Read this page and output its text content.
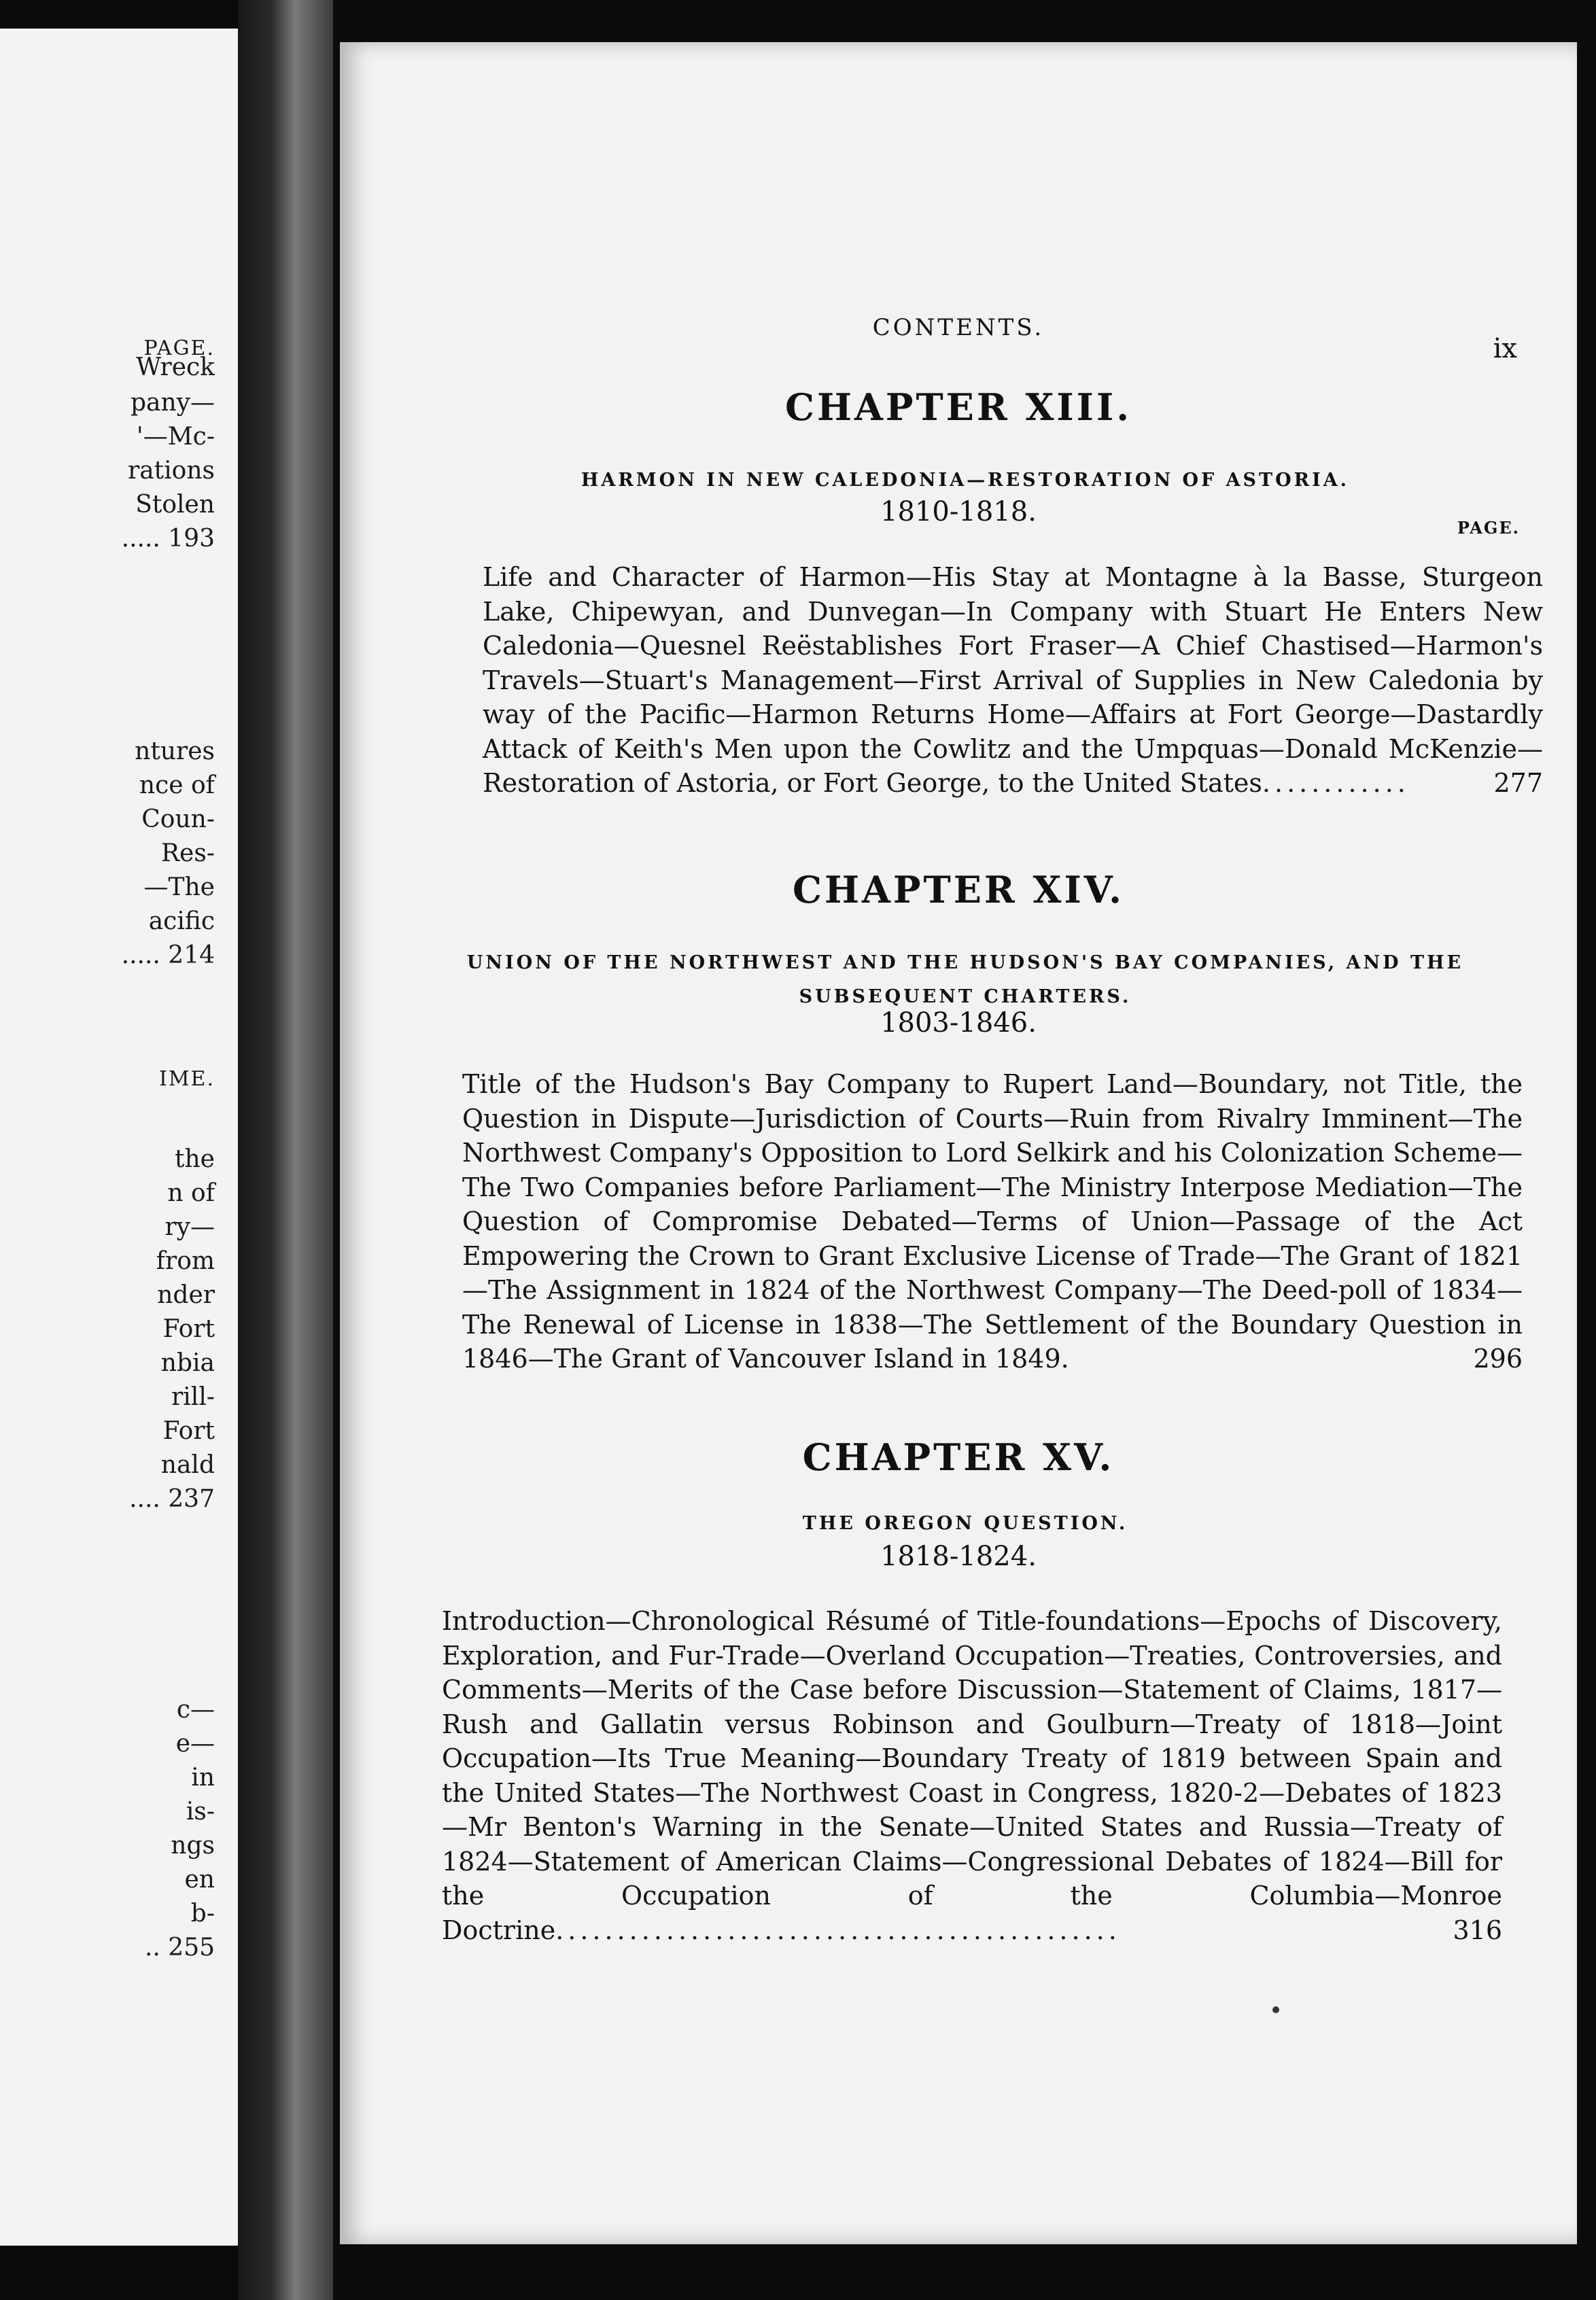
PAGE.
Wreck
pany—
'—Mc-
rations
Stolen
..... 193
ntures
nce of
Coun-
Res-
—The
acific
..... 214
IME.
the
n of
ry—
from
nder
Fort
nbia
rill-
Fort
nald
.... 237
c—
e—
in
is-
ngs
en
b-
.. 255
CONTENTS.
ix
CHAPTER XIII.
HARMON IN NEW CALEDONIA—RESTORATION OF ASTORIA.
1810-1818.
PAGE.
Life and Character of Harmon—His Stay at Montagne à la Basse, Sturgeon Lake, Chipewyan, and Dunvegan—In Company with Stuart He Enters New Caledonia—Quesnel Reëstablishes Fort Fraser—A Chief Chastised—Harmon's Travels—Stuart's Management—First Arrival of Supplies in New Caledonia by way of the Pacific—Harmon Returns Home—Affairs at Fort George—Dastardly Attack of Keith's Men upon the Cowlitz and the Umpquas—Donald McKenzie—Restoration of Astoria, or Fort George, to the United States............	277
CHAPTER XIV.
UNION OF THE NORTHWEST AND THE HUDSON'S BAY COMPANIES, AND THE SUBSEQUENT CHARTERS.
1803-1846.
Title of the Hudson's Bay Company to Rupert Land—Boundary, not Title, the Question in Dispute—Jurisdiction of Courts—Ruin from Rivalry Imminent—The Northwest Company's Opposition to Lord Selkirk and his Colonization Scheme—The Two Companies before Parliament—The Ministry Interpose Mediation—The Question of Compromise Debated—Terms of Union—Passage of the Act Empowering the Crown to Grant Exclusive License of Trade—The Grant of 1821—The Assignment in 1824 of the Northwest Company—The Deed-poll of 1834—The Renewal of License in 1838—The Settlement of the Boundary Question in 1846—The Grant of Vancouver Island in 1849.	296
CHAPTER XV.
THE OREGON QUESTION.
1818-1824.
Introduction—Chronological Résumé of Title-foundations—Epochs of Discovery, Exploration, and Fur-Trade—Overland Occupation—Treaties, Controversies, and Comments—Merits of the Case before Discussion—Statement of Claims, 1817—Rush and Gallatin versus Robinson and Goulburn—Treaty of 1818—Joint Occupation—Its True Meaning—Boundary Treaty of 1819 between Spain and the United States—The Northwest Coast in Congress, 1820-2—Debates of 1823—Mr Benton's Warning in the Senate—United States and Russia—Treaty of 1824—Statement of American Claims—Congressional Debates of 1824—Bill for the Occupation of the Columbia—Monroe Doctrine..............................................	316
